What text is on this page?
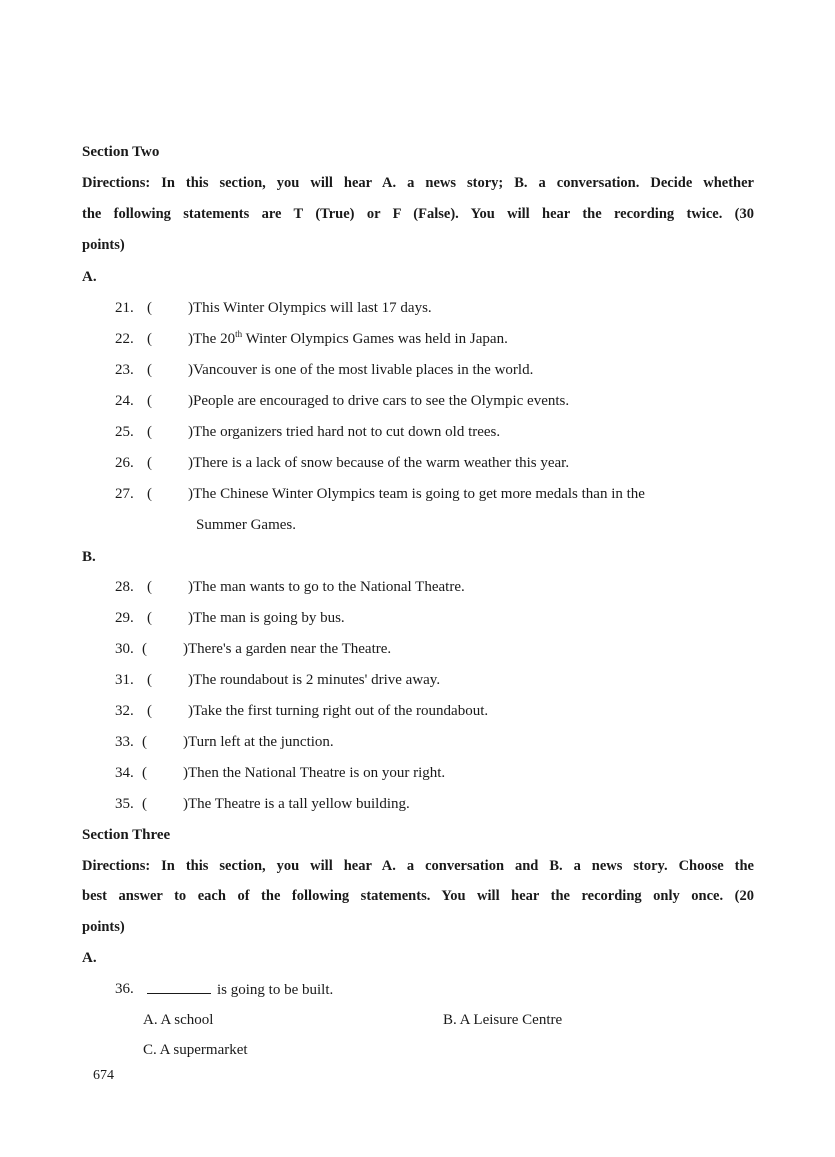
Section Two
Directions: In this section, you will hear A. a news story; B. a conversation. Decide whether
the following statements are T (True) or F (False). You will hear the recording twice. (30
points)
A.
21. ( )This Winter Olympics will last 17 days.
22. ( )The 20th Winter Olympics Games was held in Japan.
23. ( )Vancouver is one of the most livable places in the world.
24. ( )People are encouraged to drive cars to see the Olympic events.
25. ( )The organizers tried hard not to cut down old trees.
26. ( )There is a lack of snow because of the warm weather this year.
27. ( )The Chinese Winter Olympics team is going to get more medals than in the
Summer Games.
B.
28. ( )The man wants to go to the National Theatre.
29. ( )The man is going by bus.
30. ( )There's a garden near the Theatre.
31. ( )The roundabout is 2 minutes' drive away.
32. ( )Take the first turning right out of the roundabout.
33. ( )Turn left at the junction.
34. ( )Then the National Theatre is on your right.
35. ( )The Theatre is a tall yellow building.
Section Three
Directions: In this section, you will hear A. a conversation and B. a news story. Choose the
best answer to each of the following statements. You will hear the recording only once. (20
points)
A.
36.	is going to be built.
A. A school	B. A Leisure Centre
C. A supermarket
674
